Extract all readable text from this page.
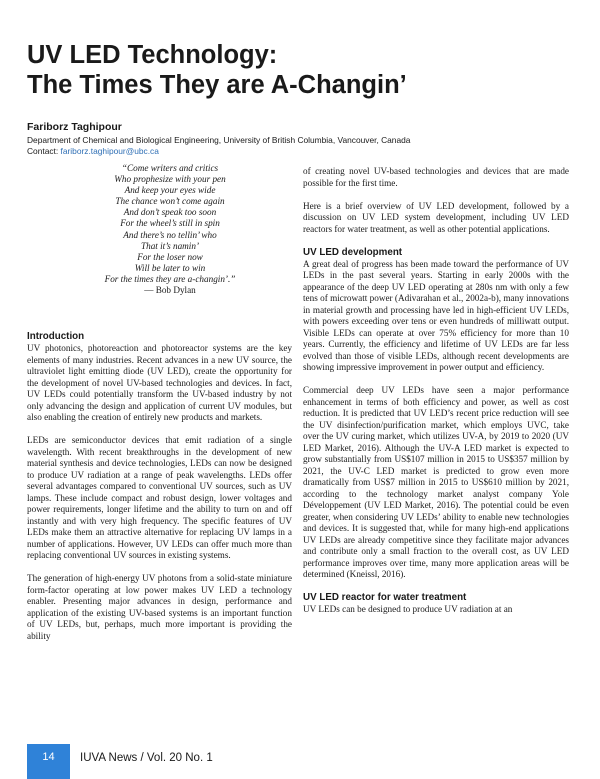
UV LED Technology:
The Times They are A-Changin’
Fariborz Taghipour
Department of Chemical and Biological Engineering, University of British Columbia, Vancouver, Canada
Contact: fariborz.taghipour@ubc.ca
“Come writers and critics
Who prophesize with your pen
And keep your eyes wide
The chance won’t come again
And don’t speak too soon
For the wheel’s still in spin
And there’s no tellin’ who
That it’s namin’
For the loser now
Will be later to win
For the times they are a-changin’.”
— Bob Dylan
Introduction

UV photonics, photoreaction and photoreactor systems are the key elements of many industries. Recent advances in a new UV source, the ultraviolet light emitting diode (UV LED), create the opportunity for the development of novel UV-based technologies and devices. In fact, UV LEDs could potentially transform the UV-based industry by not only advancing the design and application of current UV modules, but also enabling the creation of entirely new products and markets.

LEDs are semiconductor devices that emit radiation of a single wavelength. With recent breakthroughs in the development of new material synthesis and device technologies, LEDs can now be designed to produce UV radiation at a range of peak wavelengths. LEDs offer several advantages compared to conventional UV sources, such as UV lamps. These include compact and robust design, lower voltages and power requirements, longer lifetime and the ability to turn on and off instantly and with very high frequency. The specific features of UV LEDs make them an attractive alternative for replacing UV lamps in a number of applications. However, UV LEDs can offer much more than replacing conventional UV sources in existing systems.

The generation of high-energy UV photons from a solid-state miniature form-factor operating at low power makes UV LED a technology enabler. Presenting major advances in design, performance and application of the existing UV-based systems is an important function of UV LEDs, but, perhaps, much more important is providing the ability

of creating novel UV-based technologies and devices that are made possible for the first time.

Here is a brief overview of UV LED development, followed by a discussion on UV LED system development, including UV LED reactors for water treatment, as well as other potential applications.

UV LED development

A great deal of progress has been made toward the performance of UV LEDs in the past several years. Starting in early 2000s with the appearance of the deep UV LED operating at 280s nm with only a few tens of microwatt power (Adivarahan et al., 2002a-b), many innovations in material growth and processing have led in high-efficient UV LEDs, with powers exceeding over tens or even hundreds of milliwatt output. Visible LEDs can operate at over 75% efficiency for more than 10 years. Currently, the efficiency and lifetime of UV LEDs are far less evolved than those of visible LEDs, although recent developments are showing impressive improvement in power output and efficiency.

Commercial deep UV LEDs have seen a major performance enhancement in terms of both efficiency and power, as well as cost reduction. It is predicted that UV LED’s recent price reduction will see the UV disinfection/purification market, which employs UVC, take over the UV curing market, which utilizes UV-A, by 2019 to 2020 (UV LED Market, 2016). Although the UV-A LED market is expected to grow substantially from US$107 million in 2015 to US$357 million by 2021, the UV-C LED market is predicted to grow even more dramatically from US$7 million in 2015 to US$610 million by 2021, according to the technology market analyst company Yole Développement (UV LED Market, 2016). The potential could be even greater, when considering UV LEDs’ ability to enable new technologies and devices. It is suggested that, while for many high-end applications UV LEDs are already competitive since they facilitate major advances and contribute only a small fraction to the overall cost, as UV LED performance improves over time, many more application areas will be determined (Kneissl, 2016).

UV LED reactor for water treatment

UV LEDs can be designed to produce UV radiation at an

14	IUVA News / Vol. 20 No. 1
